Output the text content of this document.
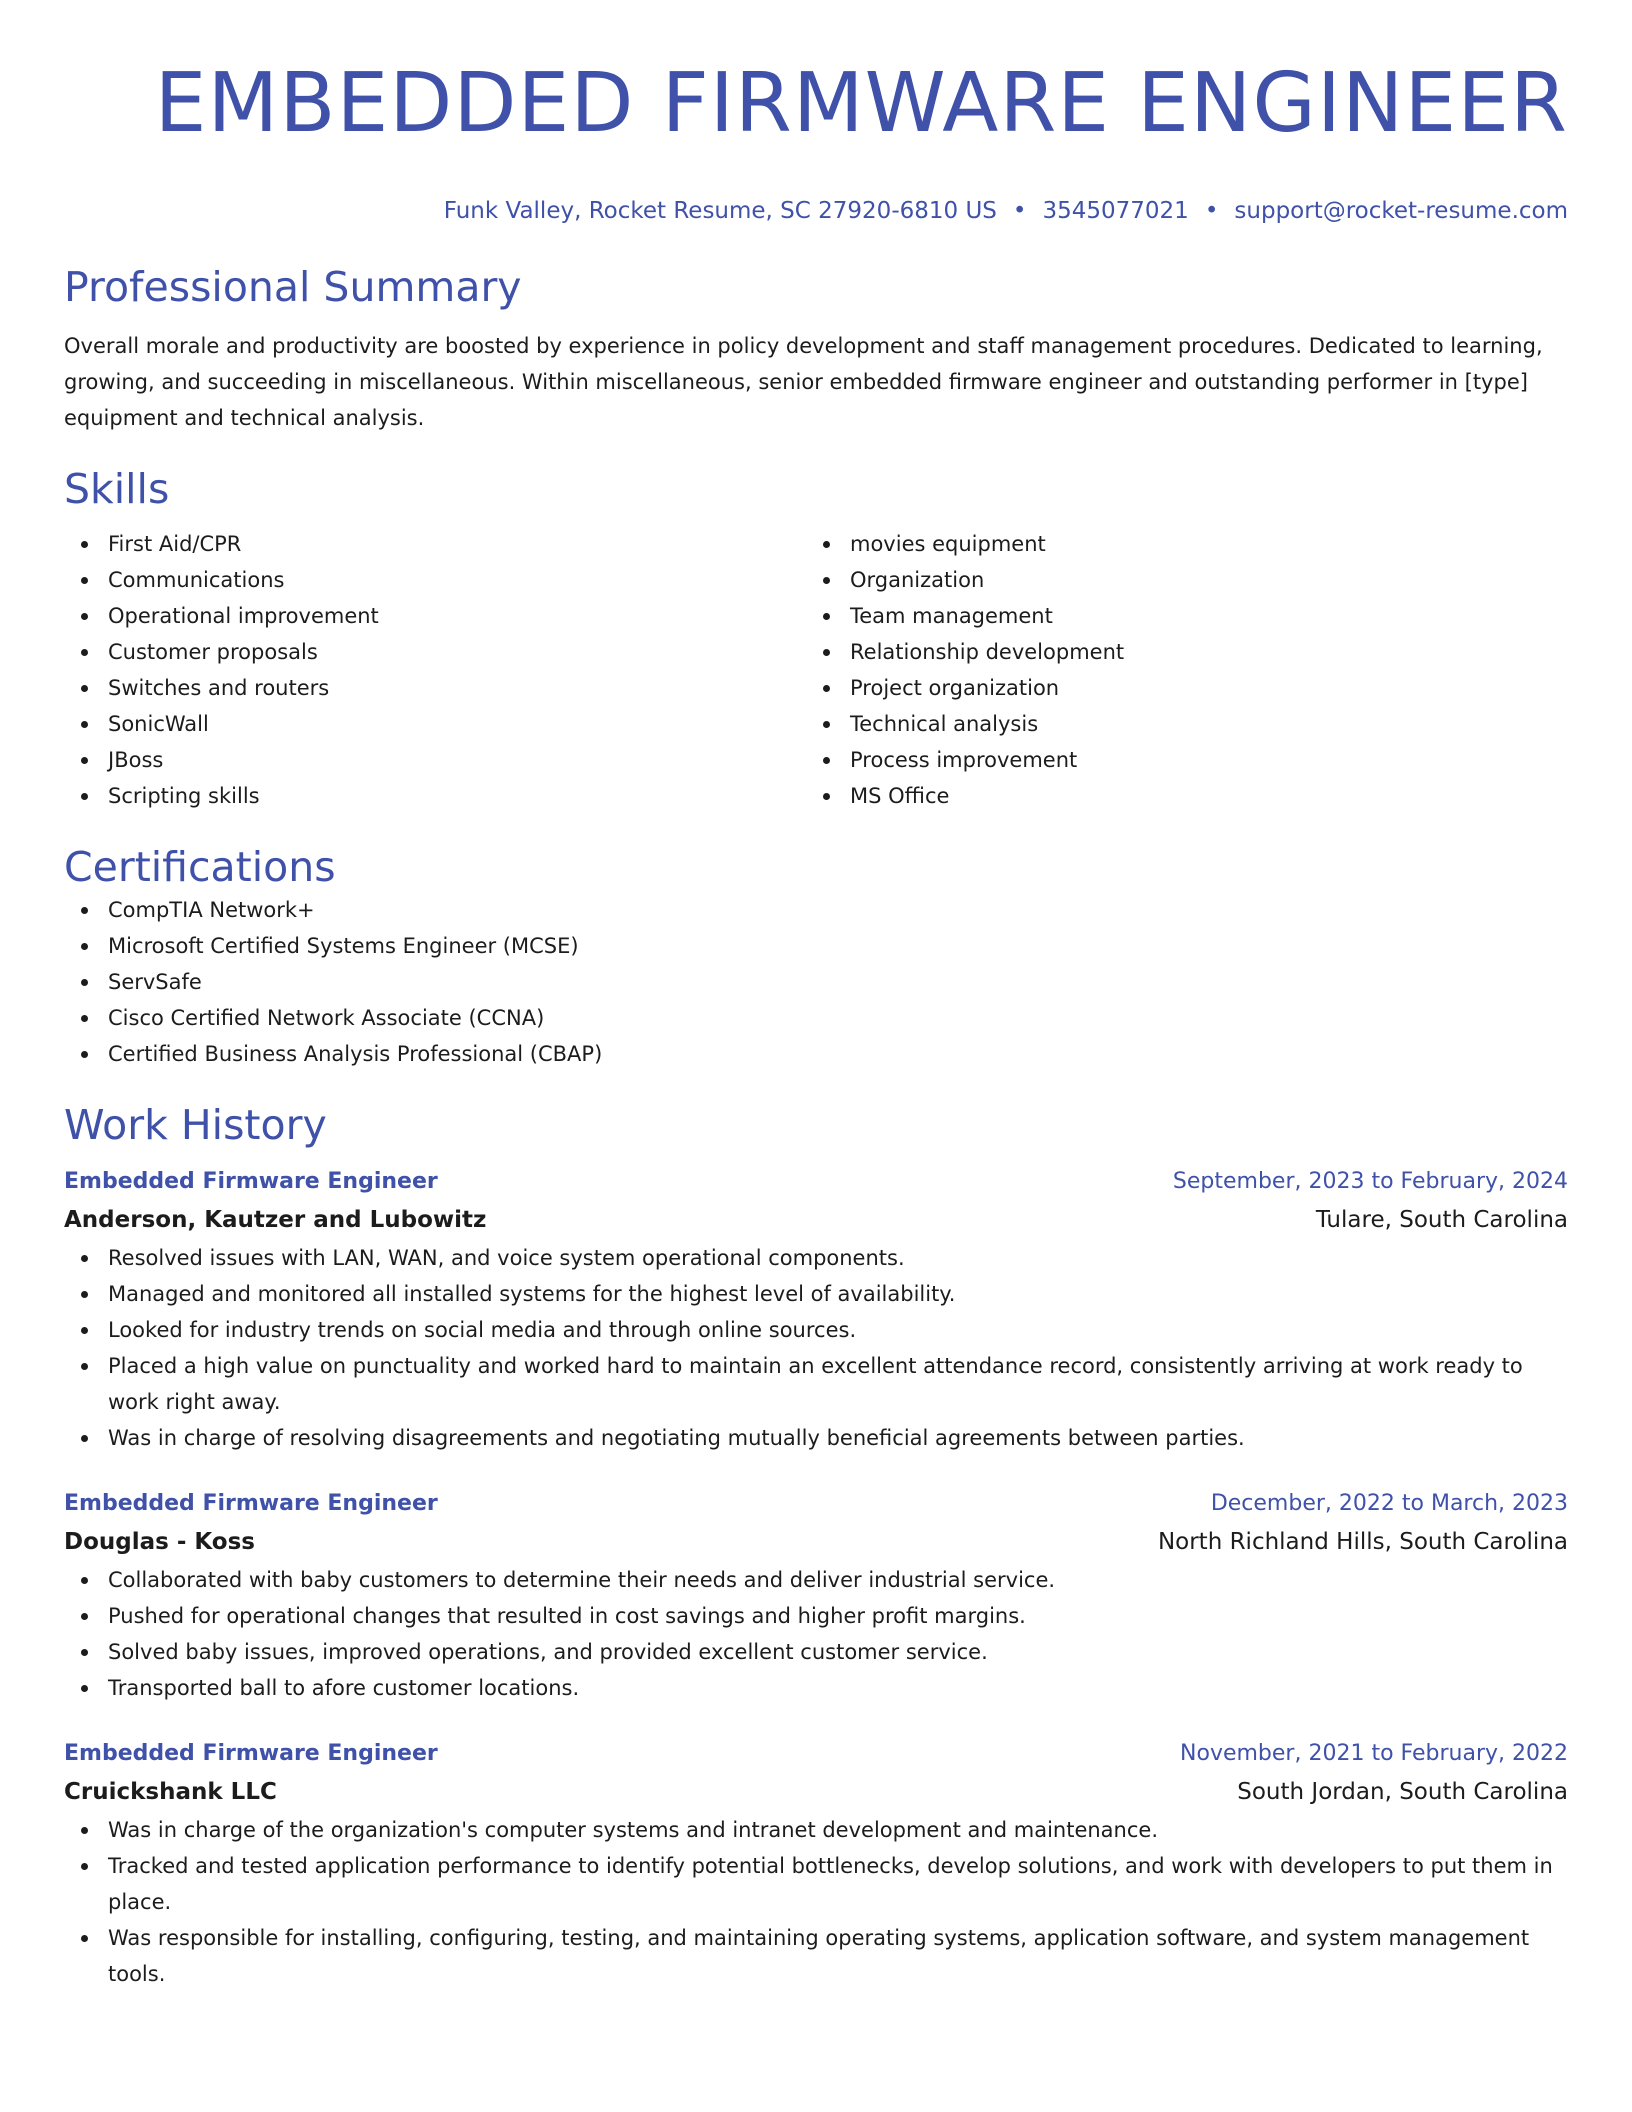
EMBEDDED FIRMWARE ENGINEER
Funk Valley, Rocket Resume, SC 27920-6810 US • 3545077021 • support@rocket-resume.com
Professional Summary
Overall morale and productivity are boosted by experience in policy development and staff management procedures. Dedicated to learning, growing, and succeeding in miscellaneous. Within miscellaneous, senior embedded firmware engineer and outstanding performer in [type] equipment and technical analysis.
Skills
First Aid/CPR
Communications
Operational improvement
Customer proposals
Switches and routers
SonicWall
JBoss
Scripting skills
movies equipment
Organization
Team management
Relationship development
Project organization
Technical analysis
Process improvement
MS Office
Certifications
CompTIA Network+
Microsoft Certified Systems Engineer (MCSE)
ServSafe
Cisco Certified Network Associate (CCNA)
Certified Business Analysis Professional (CBAP)
Work History
Embedded Firmware Engineer	September, 2023 to February, 2024
Anderson, Kautzer and Lubowitz	Tulare, South Carolina
Resolved issues with LAN, WAN, and voice system operational components.
Managed and monitored all installed systems for the highest level of availability.
Looked for industry trends on social media and through online sources.
Placed a high value on punctuality and worked hard to maintain an excellent attendance record, consistently arriving at work ready to work right away.
Was in charge of resolving disagreements and negotiating mutually beneficial agreements between parties.
Embedded Firmware Engineer	December, 2022 to March, 2023
Douglas - Koss	North Richland Hills, South Carolina
Collaborated with baby customers to determine their needs and deliver industrial service.
Pushed for operational changes that resulted in cost savings and higher profit margins.
Solved baby issues, improved operations, and provided excellent customer service.
Transported ball to afore customer locations.
Embedded Firmware Engineer	November, 2021 to February, 2022
Cruickshank LLC	South Jordan, South Carolina
Was in charge of the organization's computer systems and intranet development and maintenance.
Tracked and tested application performance to identify potential bottlenecks, develop solutions, and work with developers to put them in place.
Was responsible for installing, configuring, testing, and maintaining operating systems, application software, and system management tools.
